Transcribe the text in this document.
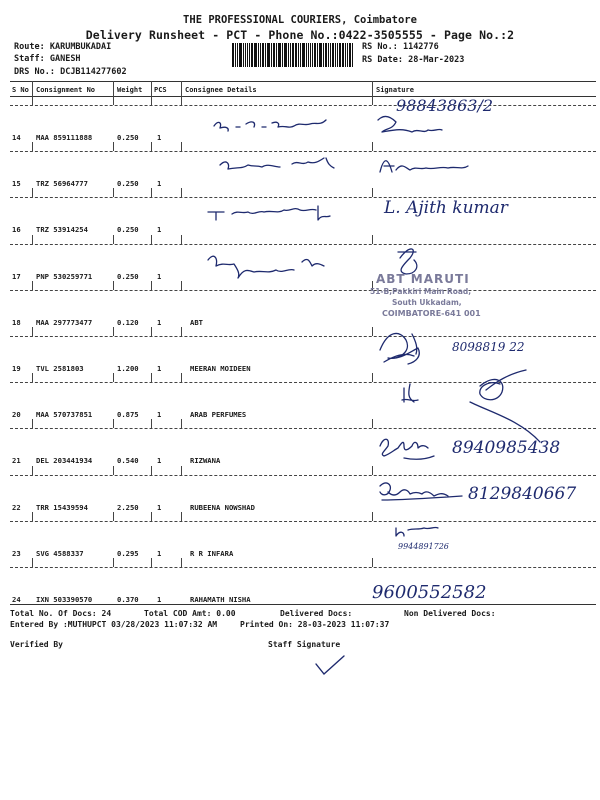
THE PROFESSIONAL COURIERS, Coimbatore
Delivery Runsheet - PCT - Phone No.:0422-3505555 - Page No.:2
Route: KARUMBUKADAI
Staff: GANESH
DRS No.: DCJB114277602
RS No.: 1142776
RS Date: 28-Mar-2023
S No Consignment No	Weight PCS	Consignee Details	Signature
14 MAA 859111888	0.250	1
15 TRZ 56964777	0.250	1
16 TRZ 53914254	0.250	1
17 PNP 530259771	0.250	1
18 MAA 297773477	0.120	1	ABT
19 TVL 2581803	1.200	1	MEERAN MOIDEEN
20 MAA 570737851	0.875	1	ARAB PERFUMES
21 DEL 203441934	0.540	1	RIZWANA
22 TRR 15439594	2.250	1	RUBEENA NOWSHAD
23 SVG 4588337	0.295	1	R R INFARA
24 IXN 503390570	0.370	1	RAHAMATH NISHA
ABT MARUTI
51-B,Pakkiri Main Road,
South Ukkadam,
COIMBATORE-641 001
98843863/2
L. Ajith kumar
8098819 22
8940985438
8129840667
9944891726
9600552582
Total No. Of Docs: 24	Total COD Amt: 0.00	Delivered Docs:	Non Delivered Docs:
Entered By :MUTHUPCT 03/28/2023 11:07:32 AM	Printed On: 28-03-2023 11:07:37
Verified By	Staff Signature
